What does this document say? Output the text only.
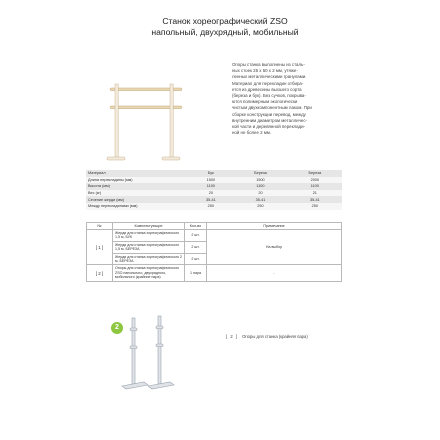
Станок хореографический ZSO
напольный, двухрядный, мобильный
Опоры станка выполнены из сталь-
ных стоек 25 х 50 х 2 мм, утяже-
ленных металлическими гранулами.
Материал для перекладин отбира-
ется из древесины высшего сорта
(береза и бук). Без сучков, покрыва-
ются полимерным экологически
чистым двухкомпонентным лаком. При
сборке конструкции перевод, между
внутренним диаметром металличес-
кой части и деревянной переклади-
ной не более 2 мм.
Материал	Бук	Береза	Береза
Длина перекладины (мм)	1500	1500	2000
Высота (мм)	1100	1100	1100
Вес (кг)	20	20	21
Сечение жерди (мм)	35-41	35-41	35-41
Между перекладинами (мм)	250	250	250
№	Комплектующие	Кол-во	Примечание
[ 1 ]	Жерди для станка хореографического 1,5 м, БУК	2 шт.	На выбор
	Жерди для станка хореографического 1,5 м, БЕРЕЗА	2 шт.	
	Жерди для станка хореографического 2 м, БЕРЕЗА	2 шт.	
[ 2 ]	Опоры для станка хореографического ZSO напольного, двухрядного, мобильного (крайние пара)	1 пара	-
2
[ 2 ] Опоры для станка (крайняя пара)
